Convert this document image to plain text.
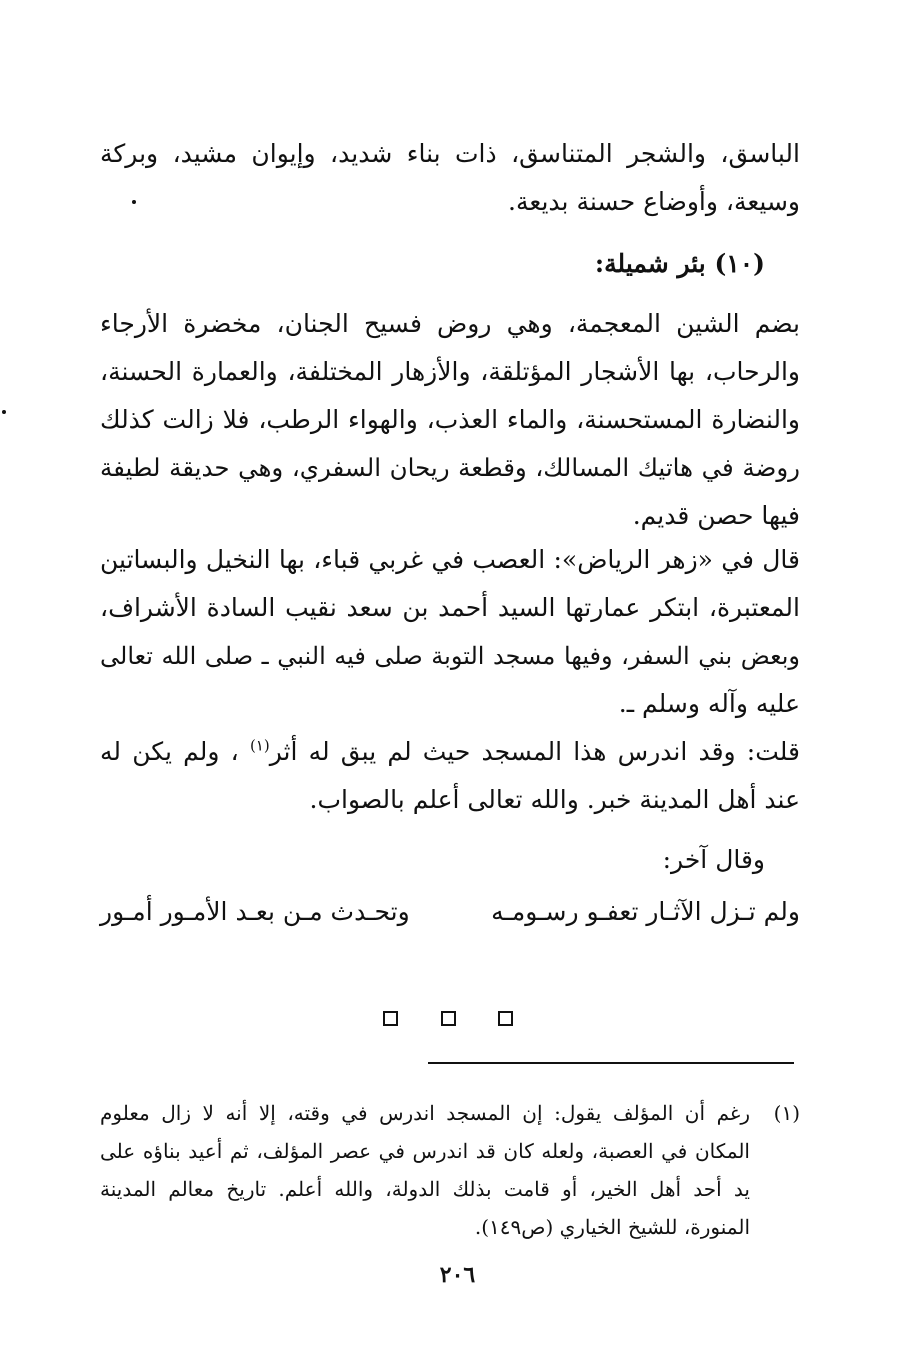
الباسق، والشجر المتناسق، ذات بناء شديد، وإيوان مشيد، وبركة
وسيعة، وأوضاع حسنة بديعة.
(١٠) بئر شميلة:
بضم الشين المعجمة، وهي روض فسيح الجنان، مخضرة الأرجاء
والرحاب، بها الأشجار المؤتلقة، والأزهار المختلفة، والعمارة الحسنة،
والنضارة المستحسنة، والماء العذب، والهواء الرطب، فلا زالت كذلك
روضة في هاتيك المسالك، وقطعة ريحان السفري، وهي حديقة لطيفة
فيها حصن قديم.
قال في «زهر الرياض»: العصب في غربي قباء، بها النخيل والبساتين
المعتبرة، ابتكر عمارتها السيد أحمد بن سعد نقيب السادة الأشراف،
وبعض بني السفر، وفيها مسجد التوبة صلى فيه النبي ـ صلى الله تعالى
عليه وآله وسلم ـ.
قلت: وقد اندرس هذا المسجد حيث لم يبق له أثر$^{(١)}$ ، ولم يكن له
عند أهل المدينة خبر. والله تعالى أعلم بالصواب.
وقال آخر:
ولم تـزل الآثـار تعفـو رسـومـه
وتحـدث مـن بعـد الأمـور أمـور
(١)
رغم أن المؤلف يقول: إن المسجد اندرس في وقته، إلا أنه لا زال معلوم
المكان في العصبة، ولعله كان قد اندرس في عصر المؤلف، ثم أعيد بناؤه على
يد أحد أهل الخير، أو قامت بذلك الدولة، والله أعلم. تاريخ معالم المدينة
المنورة، للشيخ الخياري (ص١٤٩).
٢٠٦
